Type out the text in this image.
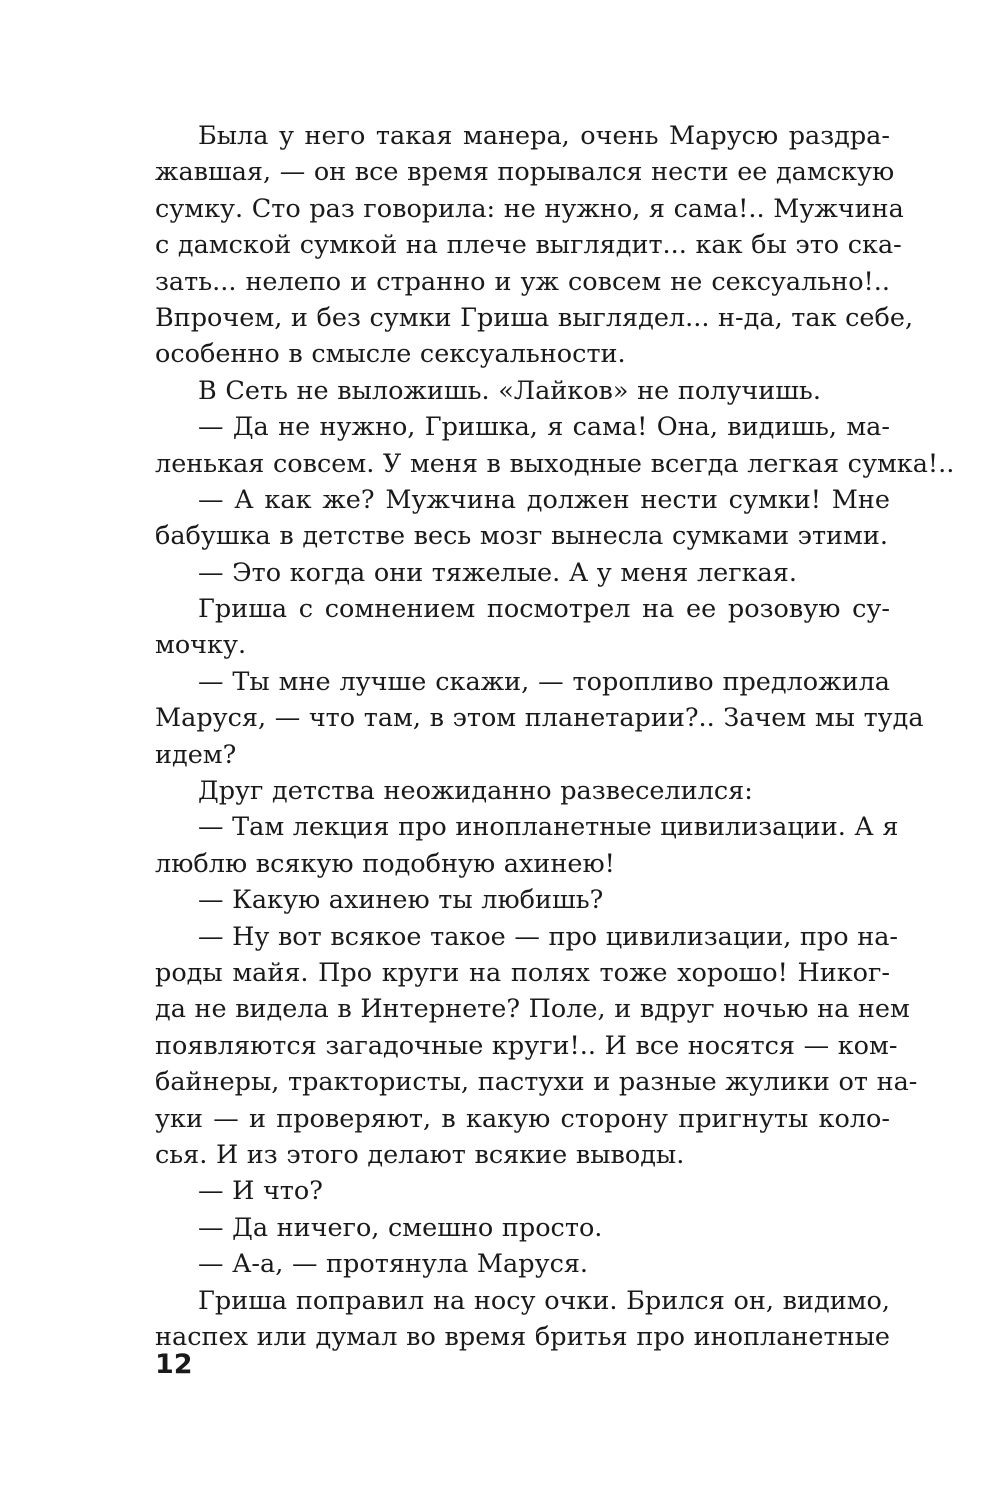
Была у него такая манера, очень Марусю раздра-
жавшая, — он все время порывался нести ее дамскую
сумку. Сто раз говорила: не нужно, я сама!.. Мужчина
с дамской сумкой на плече выглядит... как бы это ска-
зать... нелепо и странно и уж совсем не сексуально!..
Впрочем, и без сумки Гриша выглядел... н-да, так себе,
особенно в смысле сексуальности.
В Сеть не выложишь. «Лайков» не получишь.
— Да не нужно, Гришка, я сама! Она, видишь, ма-
ленькая совсем. У меня в выходные всегда легкая сумка!..
— А как же? Мужчина должен нести сумки! Мне
бабушка в детстве весь мозг вынесла сумками этими.
— Это когда они тяжелые. А у меня легкая.
Гриша с сомнением посмотрел на ее розовую су-
мочку.
— Ты мне лучше скажи, — торопливо предложила
Маруся, — что там, в этом планетарии?.. Зачем мы туда
идем?
Друг детства неожиданно развеселился:
— Там лекция про инопланетные цивилизации. А я
люблю всякую подобную ахинею!
— Какую ахинею ты любишь?
— Ну вот всякое такое — про цивилизации, про на-
роды майя. Про круги на полях тоже хорошо! Никог-
да не видела в Интернете? Поле, и вдруг ночью на нем
появляются загадочные круги!.. И все носятся — ком-
байнеры, трактористы, пастухи и разные жулики от на-
уки — и проверяют, в какую сторону пригнуты коло-
сья. И из этого делают всякие выводы.
— И что?
— Да ничего, смешно просто.
— А-а, — протянула Маруся.
Гриша поправил на носу очки. Брился он, видимо,
наспех или думал во время бритья про инопланетные
12
